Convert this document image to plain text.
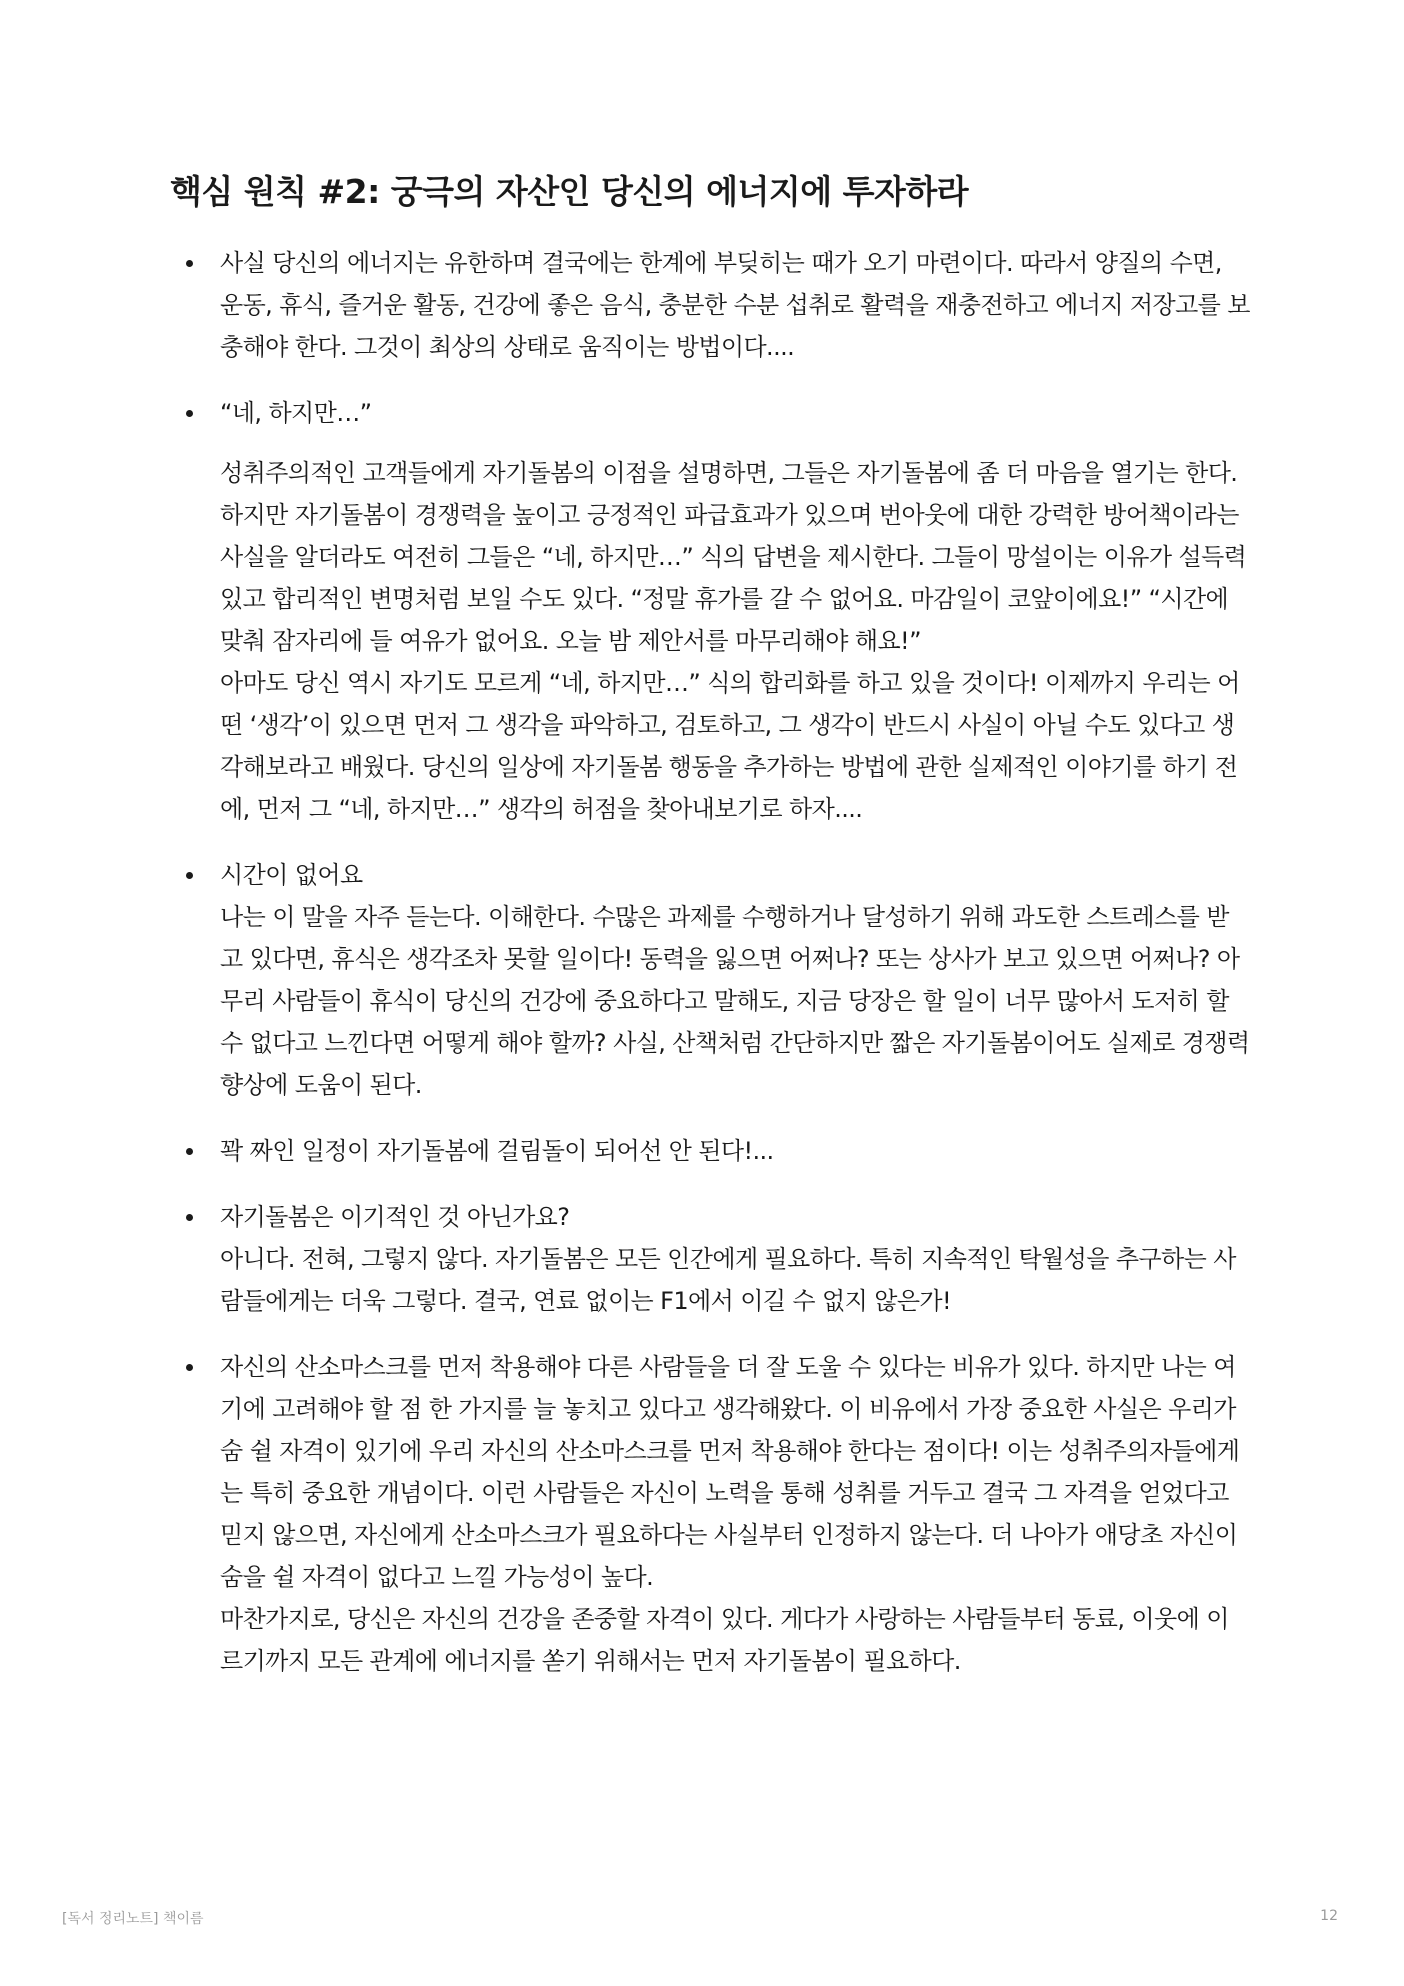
핵심 원칙 #2: 궁극의 자산인 당신의 에너지에 투자하라

사실 당신의 에너지는 유한하며 결국에는 한계에 부딪히는 때가 오기 마련이다. 따라서 양질의 수면, 운동, 휴식, 즐거운 활동, 건강에 좋은 음식, 충분한 수분 섭취로 활력을 재충전하고 에너지 저장고를 보충해야 한다. 그것이 최상의 상태로 움직이는 방법이다....

“네, 하지만…”

성취주의적인 고객들에게 자기돌봄의 이점을 설명하면, 그들은 자기돌봄에 좀 더 마음을 열기는 한다. 하지만 자기돌봄이 경쟁력을 높이고 긍정적인 파급효과가 있으며 번아웃에 대한 강력한 방어책이라는 사실을 알더라도 여전히 그들은 “네, 하지만…” 식의 답변을 제시한다. 그들이 망설이는 이유가 설득력 있고 합리적인 변명처럼 보일 수도 있다. “정말 휴가를 갈 수 없어요. 마감일이 코앞이에요!” “시간에 맞춰 잠자리에 들 여유가 없어요. 오늘 밤 제안서를 마무리해야 해요!”

아마도 당신 역시 자기도 모르게 “네, 하지만…” 식의 합리화를 하고 있을 것이다! 이제까지 우리는 어떤 ‘생각’이 있으면 먼저 그 생각을 파악하고, 검토하고, 그 생각이 반드시 사실이 아닐 수도 있다고 생각해보라고 배웠다. 당신의 일상에 자기돌봄 행동을 추가하는 방법에 관한 실제적인 이야기를 하기 전에, 먼저 그 “네, 하지만…” 생각의 허점을 찾아내보기로 하자....

시간이 없어요

나는 이 말을 자주 듣는다. 이해한다. 수많은 과제를 수행하거나 달성하기 위해 과도한 스트레스를 받고 있다면, 휴식은 생각조차 못할 일이다! 동력을 잃으면 어쩌나? 또는 상사가 보고 있으면 어쩌나? 아무리 사람들이 휴식이 당신의 건강에 중요하다고 말해도, 지금 당장은 할 일이 너무 많아서 도저히 할 수 없다고 느낀다면 어떻게 해야 할까? 사실, 산책처럼 간단하지만 짧은 자기돌봄이어도 실제로 경쟁력 향상에 도움이 된다.

꽉 짜인 일정이 자기돌봄에 걸림돌이 되어선 안 된다!...

자기돌봄은 이기적인 것 아닌가요?

아니다. 전혀, 그렇지 않다. 자기돌봄은 모든 인간에게 필요하다. 특히 지속적인 탁월성을 추구하는 사람들에게는 더욱 그렇다. 결국, 연료 없이는 F1에서 이길 수 없지 않은가!

자신의 산소마스크를 먼저 착용해야 다른 사람들을 더 잘 도울 수 있다는 비유가 있다. 하지만 나는 여기에 고려해야 할 점 한 가지를 늘 놓치고 있다고 생각해왔다. 이 비유에서 가장 중요한 사실은 우리가 숨 쉴 자격이 있기에 우리 자신의 산소마스크를 먼저 착용해야 한다는 점이다! 이는 성취주의자들에게는 특히 중요한 개념이다. 이런 사람들은 자신이 노력을 통해 성취를 거두고 결국 그 자격을 얻었다고 믿지 않으면, 자신에게 산소마스크가 필요하다는 사실부터 인정하지 않는다. 더 나아가 애당초 자신이 숨을 쉴 자격이 없다고 느낄 가능성이 높다.

마찬가지로, 당신은 자신의 건강을 존중할 자격이 있다. 게다가 사랑하는 사람들부터 동료, 이웃에 이르기까지 모든 관계에 에너지를 쏟기 위해서는 먼저 자기돌봄이 필요하다.

[독서 정리노트] 책이름	12
